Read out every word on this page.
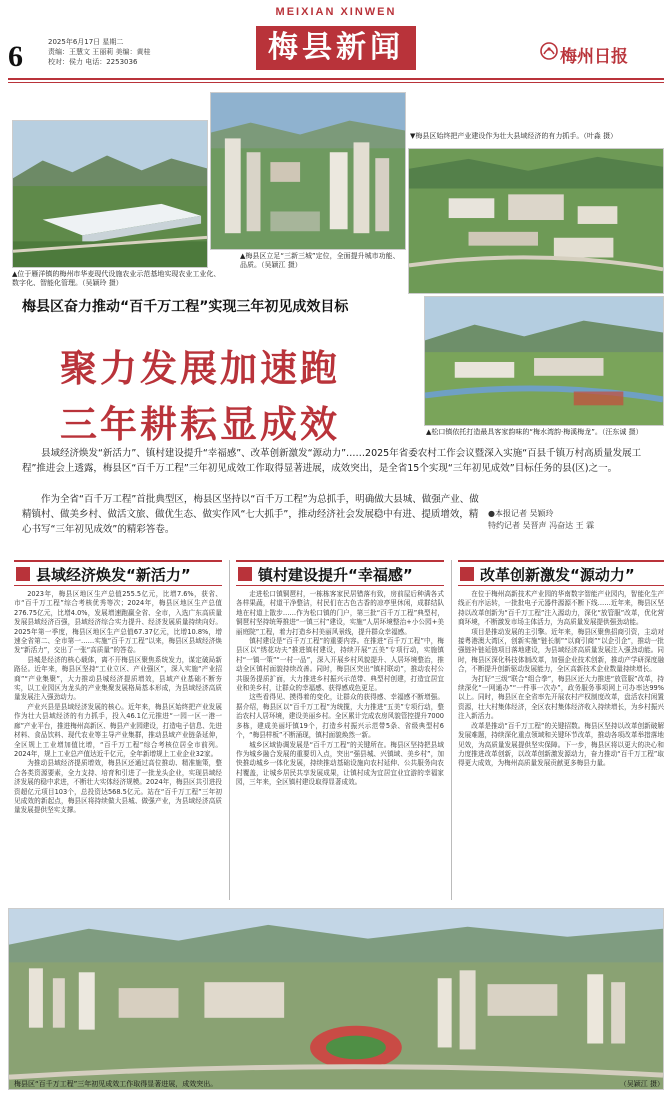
6	2025年6月17日 星期二
责编：王慧文 王丽莉 美编：黄桂
校对：侯力 电话：2253036
MEIXIAN XINWEN
梅县新闻	梅州日报
▲位于雁洋镇的梅州市华麦现代设施农业示范基地实现农业工业化、数字化、智能化管理。（吴颖玲 摄）
▲梅县区立足“三新三城”定位，全面提升城市功能、品质。（吴颖江 摄）
▼梅县区始终把产业建设作为壮大县域经济的有力抓手。（叶淼 摄）
▲松口镇依托打造最具客家韵味的“梅水湾韵·梅溪梅龙”。（汪东诚 摄）
梅县区奋力推动“百千万工程”实现三年初见成效目标
聚力发展加速跑
三年耕耘显成效
县域经济焕发“新活力”、镇村建设提升“幸福感”、改革创新激发“源动力”……2025年省委农村工作会议暨深入实施“百县千镇万村高质量发展工程”推进会上透露，梅县区“百千万工程”三年初见成效工作取得显著进展，成效突出，是全省15个实现“三年初见成效”目标任务的县(区)之一。
作为全省“百千万工程”首批典型区，梅县区坚持以“百千万工程”为总抓手，明确做大县城、做强产业、做精镇村、做美乡村、做活文旅、做优生态、做实作风“七大抓手”，推动经济社会发展稳中有进、提质增效，精心书写“三年初见成效”的精彩答卷。
●本报记者 吴颖玲
特约记者 吴晋声 冯奋达 王 霖
县域经济焕发“新活力”

2023年，梅县区地区生产总值255.5亿元，比增7.6%，获省、市“百千万工程”综合考核优秀等次；2024年，梅县区地区生产总值276.75亿元，比增4.0%，发展增速跑赢全省、全市，入选广东高质量发展县域经济百强，县域经济综合实力提升、经济发展质量持续向好。2025年第一季度，梅县区地区生产总值67.37亿元，比增10.8%，增速全省第二、全市第一……实施“百千万工程”以来，梅县区县域经济焕发“新活力”，交出了一张“高质量”的答卷。

县城是经济的核心载体，离不开梅县区聚焦系统发力，谋定破局新路径。近年来，梅县区坚持“工业立区、产业强区”，深入实施“产业招商”“产业集聚”，大力推动县城经济提质增效，县域产业基础不断夯实，以工业园区为龙头的产业集聚发展格局基本形成，为县域经济高质量发展注入强劲动力。

产业兴县是县域经济发展的核心。近年来，梅县区始终把产业发展作为壮大县域经济的有力抓手，投入46.1亿元推进“一园一区一港一廊”产业平台，推进梅州高新区、梅县产业园建设，打造电子信息、先进材料、食品饮料、现代农业等主导产业集群，推动县域产业链条延伸，全区规上工业增加值比增，“百千万工程”综合考核位居全市前列。2024年，规上工业总产值达近千亿元，全年新增规上工业企业32家。

为推动县域经济提质增效，梅县区还通过高位推动、精准施策，整合各类资源要素，全力支持、培育和引进了一批龙头企业，实现县域经济发展的稳中求进，不断壮大实体经济规模。2024年，梅县区共引进投资超亿元项目103个，总投资达568.5亿元。站在“百千万工程”三年初见成效的新起点，梅县区将持续做大县城、做强产业，为县域经济高质量发展提供坚实支撑。

镇村建设提升“幸福感”

走进松口镇铜琶村，一栋栋客家民居错落有致，房前屋后种满各式各样果蔬，村道干净整洁，村民们在古色古香的凉亭里休闲，成群结队地在村道上散步……作为松口镇的门户，第三批“百千万工程”典型村，铜琶村坚持统筹推进“一镇三村”建设，实施“人居环境整治+小公园+美丽庭院”工程，着力打造乡村美丽风景线，提升群众幸福感。

镇村建设是“百千万工程”的重要内容。在推进“百千万工程”中，梅县区以“绣花功夫”推进镇村建设，持续开展“五美”专项行动，实施镇村“一镇一策”“一村一品”，深入开展乡村风貌提升、人居环境整治，推动全区镇村面貌持续改善。同时，梅县区突出“镇村联动”，推动农村公共服务提质扩面，大力推进乡村振兴示范带、典型村创建，打造宜居宜业和美乡村，让群众的幸福感、获得感成色更足。

这些看得见、摸得着的变化，让群众的获得感、幸福感不断增强。据介绍，梅县区以“百千万工程”为统揽，大力推进“五美”专项行动，整治农村人居环境，建设美丽乡村。全区累计完成农房风貌管控提升7000多栋，建成美丽圩镇19个，打造乡村振兴示范带5条、省级典型村6个，“梅县样板”不断涌现，镇村面貌焕然一新。

城乡区域协调发展是“百千万工程”的关键所在。梅县区坚持把县域作为城乡融合发展的重要切入点，突出“强县城、兴镇域、美乡村”，加快推动城乡一体化发展，持续推动基础设施向农村延伸、公共服务向农村覆盖，让城乡居民共享发展成果，让镇村成为宜居宜业宜游的幸福家园，三年来，全区镇村建设取得显著成效。

改革创新激发“源动力”

在位于梅州高新技术产业园的华南数字智能产业园内，智能化生产线正有序运转，一批批电子元器件源源不断下线……近年来，梅县区坚持以改革创新为“百千万工程”注入源动力，深化“放管服”改革，优化营商环境，不断激发市场主体活力，为高质量发展提供强劲动能。

项目是推动发展的主引擎。近年来，梅县区聚焦招商引资，主动对接粤港澳大湾区，创新实施“链长制”“以商引商”“以企引企”，推动一批强链补链延链项目落地建设，为县域经济高质量发展注入强劲动能。同时，梅县区深化科技体制改革，加强企业技术创新，推动产学研深度融合，不断提升创新驱动发展能力，全区高新技术企业数量持续增长。

为打好“三级”联合“组合拳”，梅县区还大力推进“放管服”改革，持续深化“一网通办”“一件事一次办”，政务服务事项网上可办率达99%以上。同时，梅县区在全省率先开展农村产权制度改革，盘活农村闲置资源，壮大村集体经济，全区农村集体经济收入持续增长，为乡村振兴注入新活力。

改革是推动“百千万工程”的关键招数。梅县区坚持以改革创新破解发展难题，持续深化重点领域和关键环节改革，推动各项改革举措落地见效，为高质量发展提供坚实保障。下一步，梅县区将以更大的决心和力度推进改革创新，以改革创新激发源动力，奋力推动“百千万工程”取得更大成效，为梅州高质量发展贡献更多梅县力量。

梅县区“百千万工程”三年初见成效工作取得显著进展，成效突出。	（吴颖江 摄）
